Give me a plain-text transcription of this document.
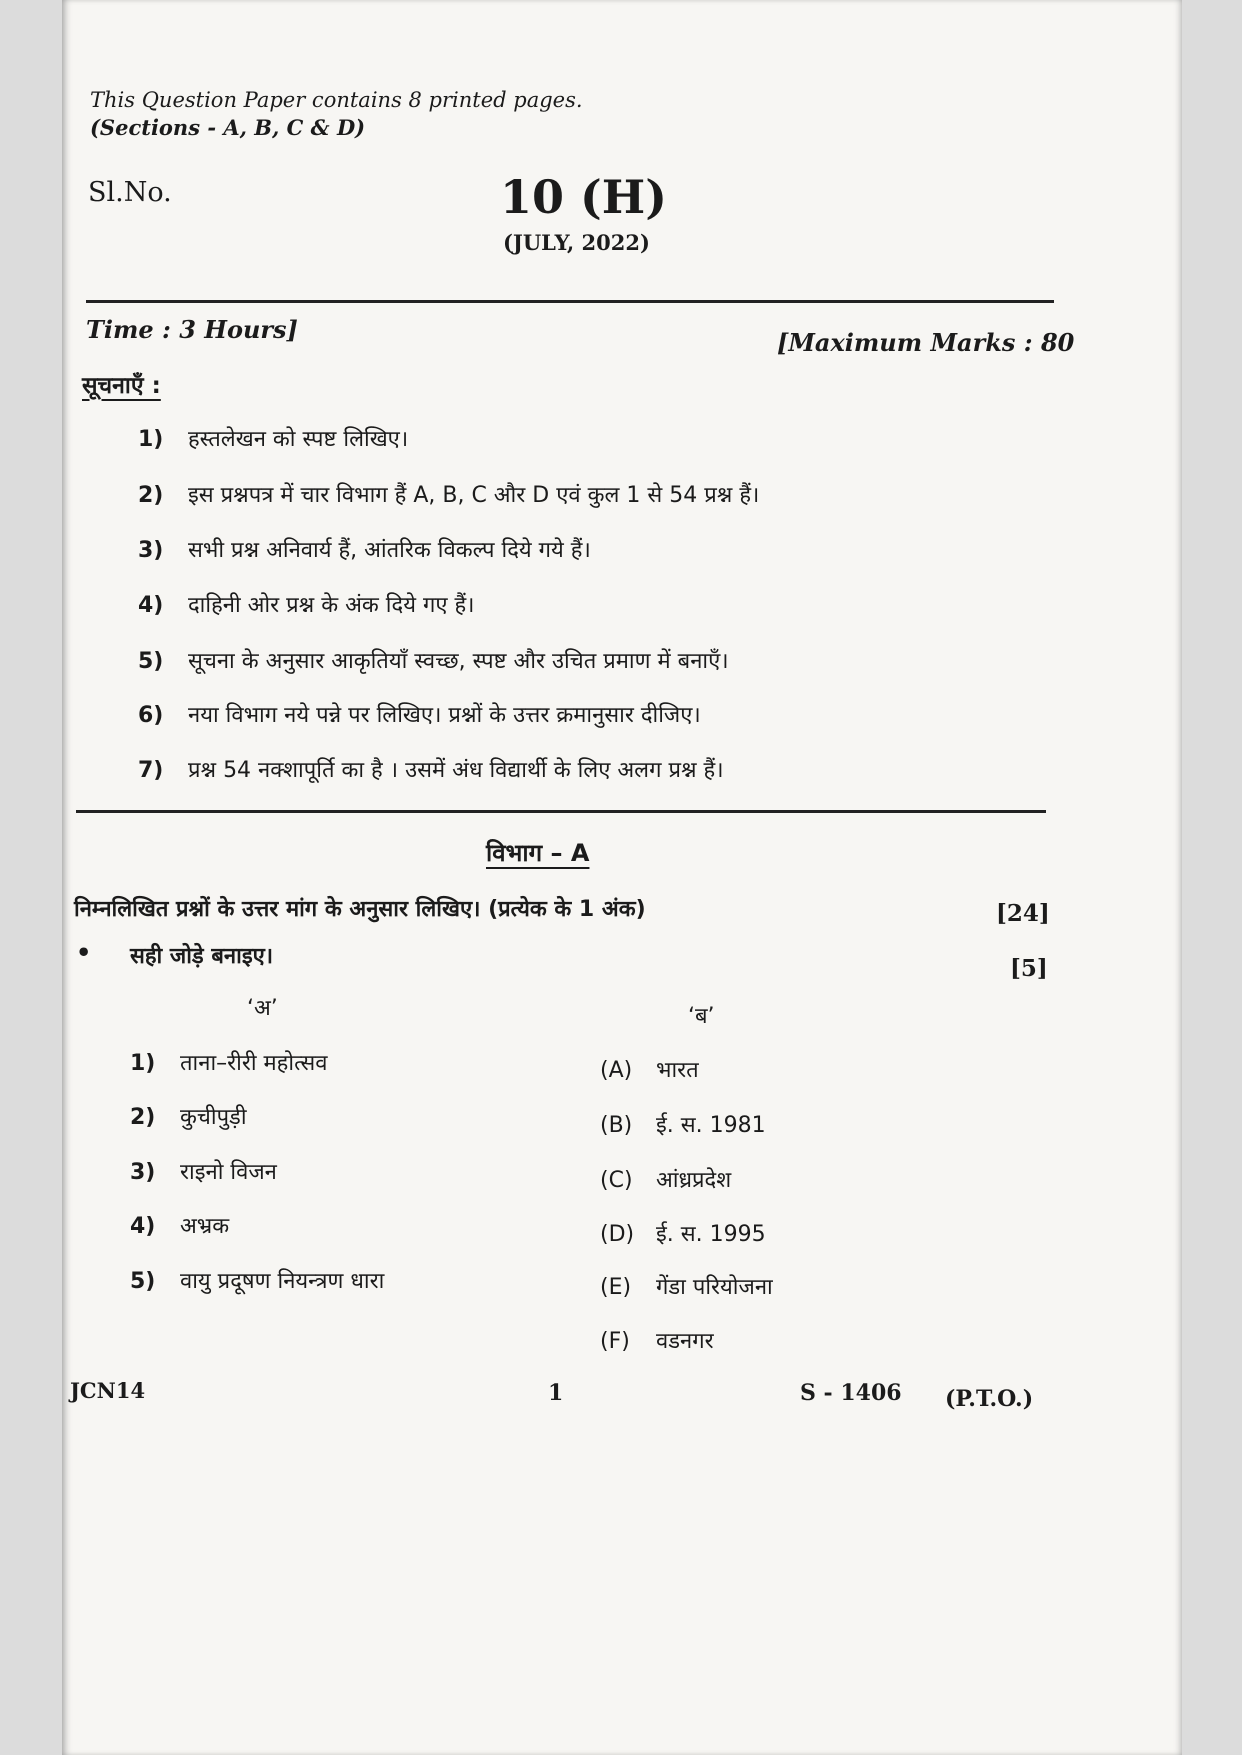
This Question Paper contains 8 printed pages.
(Sections - A, B, C & D)
Sl.No.	10 (H)
(JULY, 2022)
Time : 3 Hours]	[Maximum Marks : 80
सूचनाएँ :
1) हस्तलेखन को स्पष्ट लिखिए।
2) इस प्रश्नपत्र में चार विभाग हैं A, B, C और D एवं कुल 1 से 54 प्रश्न हैं।
3) सभी प्रश्न अनिवार्य हैं, आंतरिक विकल्प दिये गये हैं।
4) दाहिनी ओर प्रश्न के अंक दिये गए हैं।
5) सूचना के अनुसार आकृतियाँ स्वच्छ, स्पष्ट और उचित प्रमाण में बनाएँ।
6) नया विभाग नये पन्ने पर लिखिए। प्रश्नों के उत्तर क्रमानुसार दीजिए।
7) प्रश्न 54 नक्शापूर्ति का है । उसमें अंध विद्यार्थी के लिए अलग प्रश्न हैं।
विभाग – A
निम्नलिखित प्रश्नों के उत्तर मांग के अनुसार लिखिए। (प्रत्येक के 1 अंक)	[24]
• सही जोड़े बनाइए।	[5]
‘अ’	‘ब’
1) ताना–रीरी महोत्सव
2) कुचीपुड़ी
3) राइनो विजन
4) अभ्रक
5) वायु प्रदूषण नियन्त्रण धारा
(A) भारत
(B) ई. स. 1981
(C) आंध्रप्रदेश
(D) ई. स. 1995
(E) गेंडा परियोजना
(F) वडनगर
JCN14	1	S - 1406 (P.T.O.)
